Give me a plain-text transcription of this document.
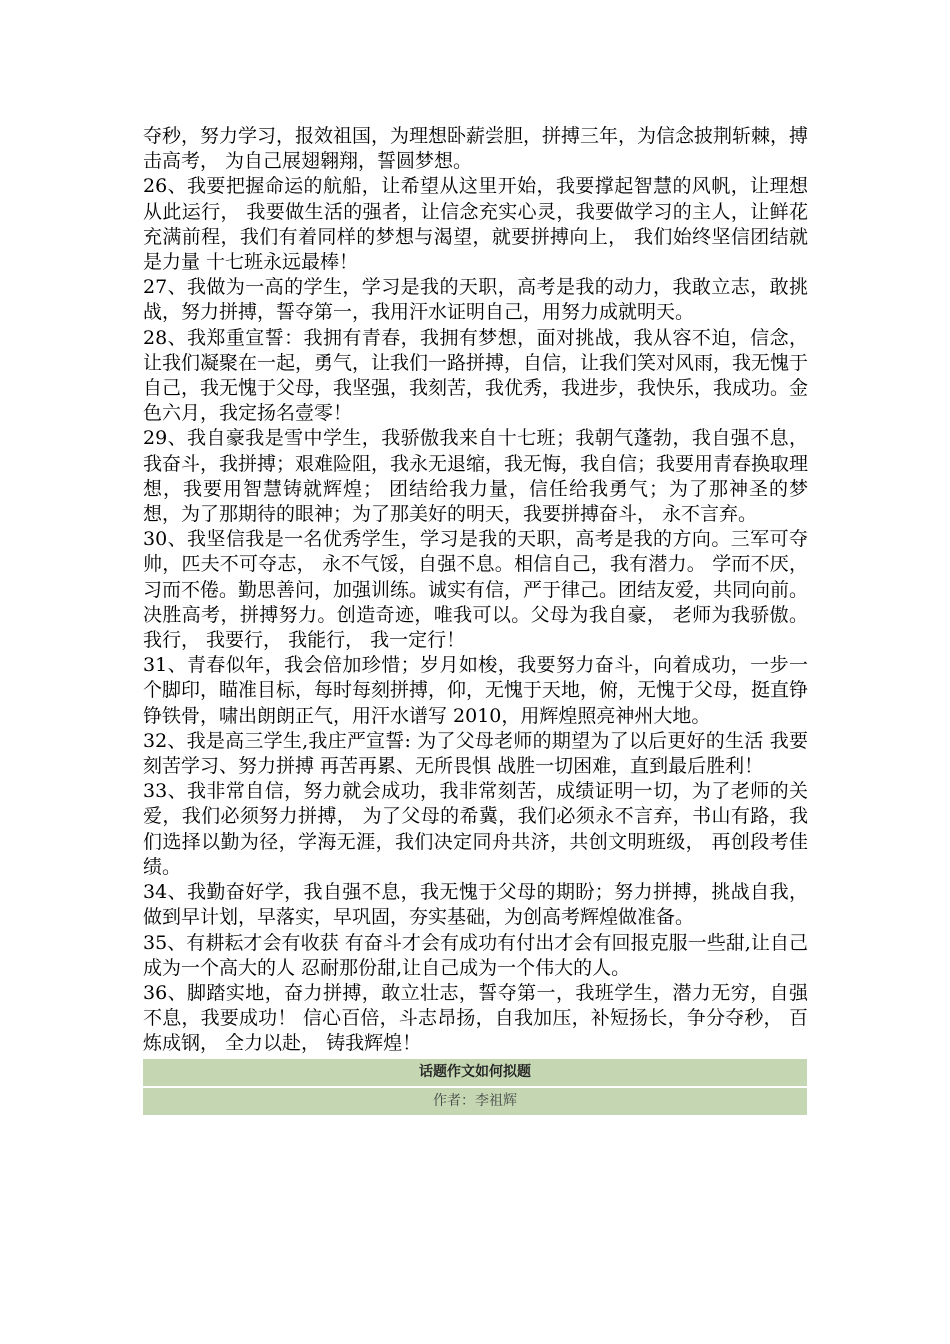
夺秒，努力学习，报效祖国，为理想卧薪尝胆，拼搏三年，为信念披荆斩棘，搏击高考， 为自己展翅翱翔，誓圆梦想。

26、我要把握命运的航船，让希望从这里开始，我要撑起智慧的风帆，让理想从此运行， 我要做生活的强者，让信念充实心灵，我要做学习的主人，让鲜花充满前程，我们有着同样的梦想与渴望，就要拼搏向上， 我们始终坚信团结就是力量 十七班永远最棒！

27、我做为一高的学生，学习是我的天职，高考是我的动力，我敢立志，敢挑战，努力拼搏，誓夺第一，我用汗水证明自己，用努力成就明天。

28、我郑重宣誓：我拥有青春，我拥有梦想，面对挑战，我从容不迫，信念，让我们凝聚在一起，勇气，让我们一路拼搏，自信，让我们笑对风雨，我无愧于自己，我无愧于父母，我坚强，我刻苦，我优秀，我进步，我快乐，我成功。金色六月，我定扬名壹零！

29、我自豪我是雪中学生，我骄傲我来自十七班；我朝气蓬勃，我自强不息，我奋斗，我拼搏；艰难险阻，我永无退缩，我无悔，我自信；我要用青春换取理想，我要用智慧铸就辉煌； 团结给我力量，信任给我勇气；为了那神圣的梦想，为了那期待的眼神；为了那美好的明天，我要拼搏奋斗， 永不言弃。

30、我坚信我是一名优秀学生，学习是我的天职，高考是我的方向。三军可夺帅，匹夫不可夺志， 永不气馁，自强不息。相信自己，我有潜力。 学而不厌，习而不倦。勤思善问，加强训练。诚实有信，严于律己。团结友爱，共同向前。决胜高考，拼搏努力。创造奇迹，唯我可以。父母为我自豪， 老师为我骄傲。我行， 我要行， 我能行， 我一定行！

31、青春似年，我会倍加珍惜；岁月如梭，我要努力奋斗，向着成功，一步一个脚印，瞄准目标，每时每刻拼搏，仰，无愧于天地，俯，无愧于父母，挺直铮铮铁骨，啸出朗朗正气，用汗水谱写 2010，用辉煌照亮神州大地。

32、我是高三学生,我庄严宣誓: 为了父母老师的期望为了以后更好的生活 我要刻苦学习、努力拼搏 再苦再累、无所畏惧 战胜一切困难，直到最后胜利！

33、我非常自信，努力就会成功，我非常刻苦，成绩证明一切，为了老师的关爱，我们必须努力拼搏， 为了父母的希冀，我们必须永不言弃，书山有路，我们选择以勤为径，学海无涯，我们决定同舟共济，共创文明班级， 再创段考佳绩。

34、我勤奋好学，我自强不息，我无愧于父母的期盼；努力拼搏，挑战自我，做到早计划，早落实，早巩固，夯实基础，为创高考辉煌做准备。

35、有耕耘才会有收获 有奋斗才会有成功有付出才会有回报克服一些甜,让自己成为一个高大的人 忍耐那份甜,让自己成为一个伟大的人。

36、脚踏实地，奋力拼搏，敢立壮志，誓夺第一，我班学生，潜力无穷，自强不息，我要成功！ 信心百倍，斗志昂扬，自我加压，补短扬长，争分夺秒， 百炼成钢， 全力以赴， 铸我辉煌！

话题作文如何拟题
作者：李祖辉
